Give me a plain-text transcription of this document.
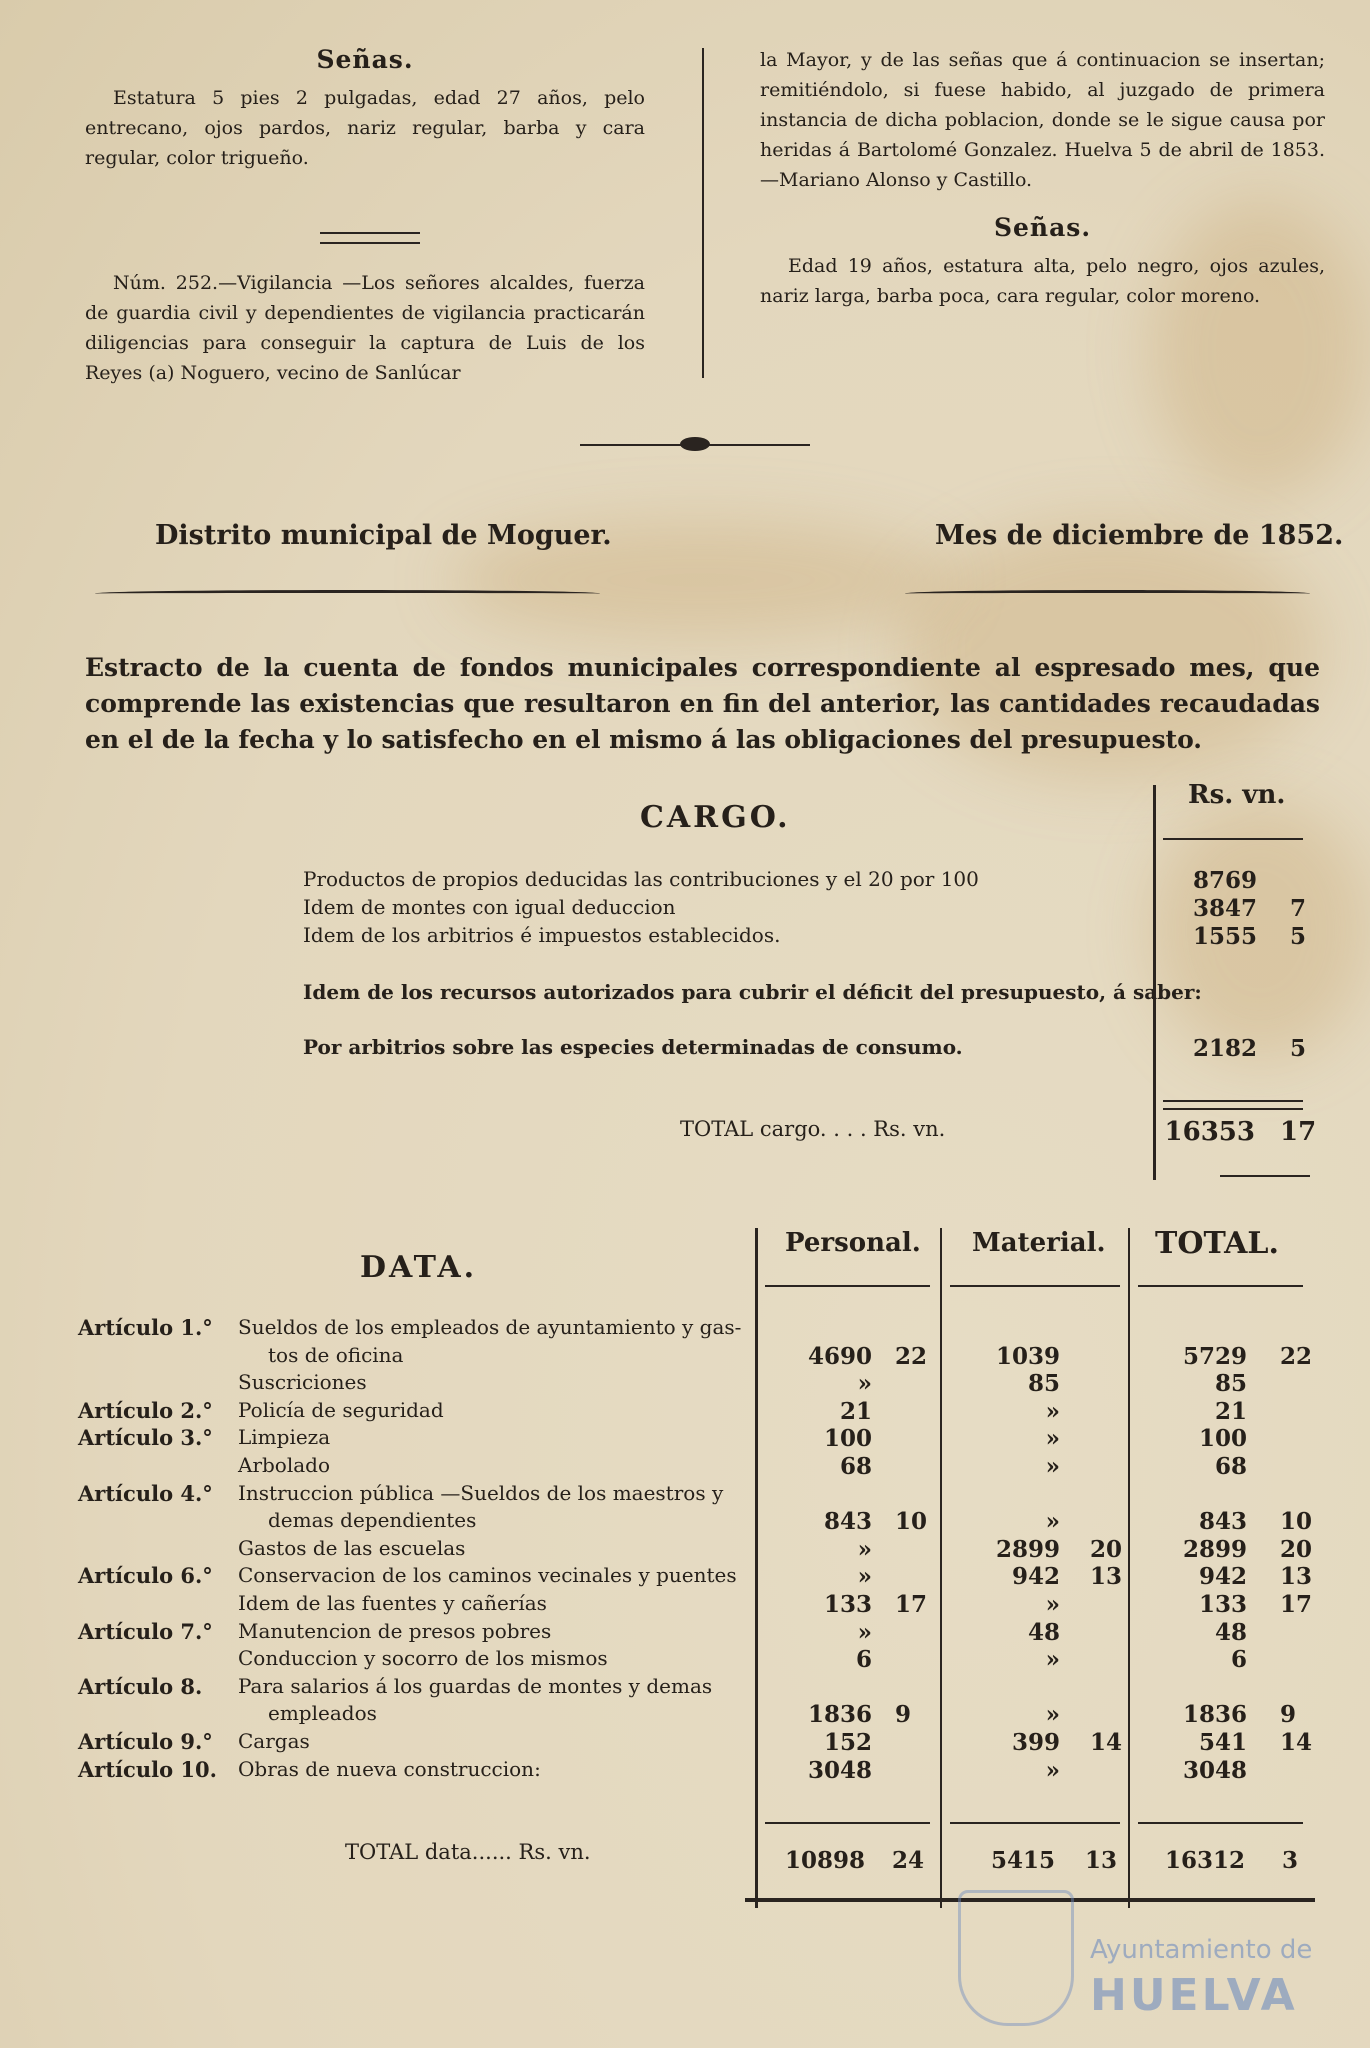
Señas.

Estatura 5 pies 2 pulgadas, edad 27 años, pelo entrecano, ojos pardos, nariz regular, barba y cara regular, color trigueño.

Núm. 252.—Vigilancia —Los señores alcaldes, fuerza de guardia civil y dependientes de vigilancia practicarán diligencias para conseguir la captura de Luis de los Reyes (a) Noguero, vecino de Sanlúcar

la Mayor, y de las señas que á continuacion se insertan; remitiéndolo, si fuese habido, al juzgado de primera instancia de dicha poblacion, donde se le sigue causa por heridas á Bartolomé Gonzalez. Huelva 5 de abril de 1853.—Mariano Alonso y Castillo.

Señas.

Edad 19 años, estatura alta, pelo negro, ojos azules, nariz larga, barba poca, cara regular, color moreno.

Distrito municipal de Moguer.	Mes de diciembre de 1852.
Estracto de la cuenta de fondos municipales correspondiente al espresado mes, que comprende las existencias que resultaron en fin del anterior, las cantidades recaudadas en el de la fecha y lo satisfecho en el mismo á las obligaciones del presupuesto.
CARGO.
Rs. vn.
Productos de propios deducidas las contribuciones y el 20 por 100	8769
Idem de montes con igual deduccion	3847 7
Idem de los arbitrios é impuestos establecidos.	1555 5
Idem de los recursos autorizados para cubrir el déficit del presupuesto, á saber:
Por arbitrios sobre las especies determinadas de consumo.	2182 5
TOTAL cargo. . . . Rs. vn.	16353 17
DATA.
Personal. Material. TOTAL.
Artículo 1.° Sueldos de los empleados de ayuntamiento y gas-
tos de oficina	4690 22	1039	5729 22
Suscriciones	»	85	85
Artículo 2.° Policía de seguridad	21	»	21
Artículo 3.° Limpieza	100	»	100
Arbolado	68	»	68
Artículo 4.° Instruccion pública —Sueldos de los maestros y
demas dependientes	843 10	»	843 10
Gastos de las escuelas	»	2899 20	2899 20
Artículo 6.° Conservacion de los caminos vecinales y puentes	»	942 13	942 13
Idem de las fuentes y cañerías	133 17	»	133 17
Artículo 7.° Manutencion de presos pobres	»	48	48
Conduccion y socorro de los mismos	6	»	6
Artículo 8. Para salarios á los guardas de montes y demas
empleados	1836 9	»	1836 9
Artículo 9.° Cargas	152	399 14	541 14
Artículo 10. Obras de nueva construccion:	3048	»	3048
TOTAL data...... Rs. vn.	10898 24	5415 13	16312 3
Ayuntamiento de
HUELVA
